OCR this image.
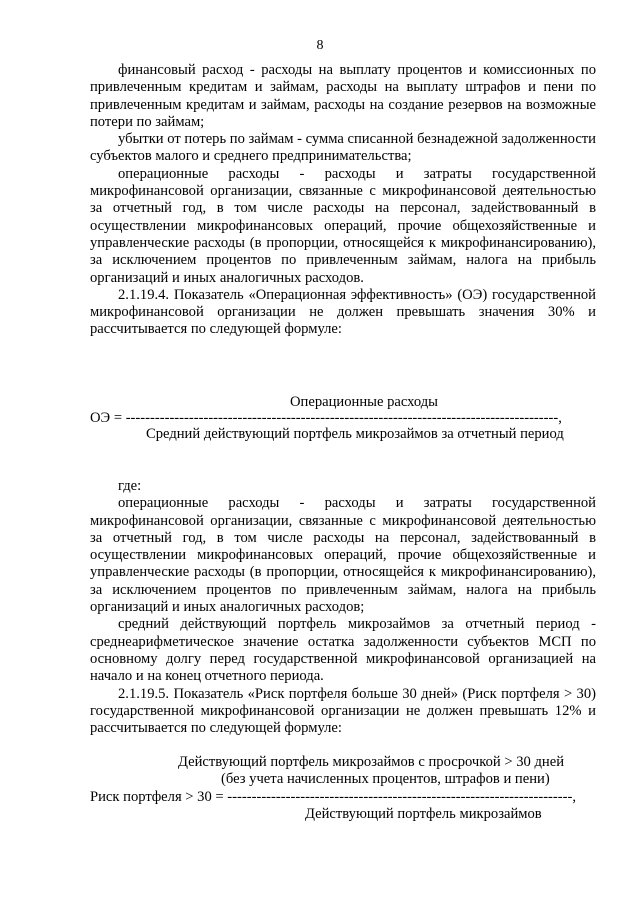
8

финансовый расход - расходы на выплату процентов и комиссионных по привлеченным кредитам и займам, расходы на выплату штрафов и пени по привлеченным кредитам и займам, расходы на создание резервов на возможные потери по займам;

убытки от потерь по займам - сумма списанной безнадежной задолженности субъектов малого и среднего предпринимательства;

операционные расходы - расходы и затраты государственной микрофинансовой организации, связанные с микрофинансовой деятельностью за отчетный год, в том числе расходы на персонал, задействованный в осуществлении микрофинансовых операций, прочие общехозяйственные и управленческие расходы (в пропорции, относящейся к микрофинансированию), за исключением процентов по привлеченным займам, налога на прибыль организаций и иных аналогичных расходов.

2.1.19.4. Показатель «Операционная эффективность» (ОЭ) государственной микрофинансовой организации не должен превышать значения 30% и рассчитывается по следующей формуле:

Операционные расходы
ОЭ = -----------------------------------------------------------------------------------------,
Средний действующий портфель микрозаймов за отчетный период

где:

операционные расходы - расходы и затраты государственной микрофинансовой организации, связанные с микрофинансовой деятельностью за отчетный год, в том числе расходы на персонал, задействованный в осуществлении микрофинансовых операций, прочие общехозяйственные и управленческие расходы (в пропорции, относящейся к микрофинансированию), за исключением процентов по привлеченным займам, налога на прибыль организаций и иных аналогичных расходов;

средний действующий портфель микрозаймов за отчетный период - среднеарифметическое значение остатка задолженности субъектов МСП по основному долгу перед государственной микрофинансовой организацией на начало и на конец отчетного периода.

2.1.19.5. Показатель «Риск портфеля больше 30 дней» (Риск портфеля > 30) государственной микрофинансовой организации не должен превышать 12% и рассчитывается по следующей формуле:

Действующий портфель микрозаймов с просрочкой > 30 дней
(без учета начисленных процентов, штрафов и пени)
Риск портфеля > 30 = -----------------------------------------------------------------------,
Действующий портфель микрозаймов
